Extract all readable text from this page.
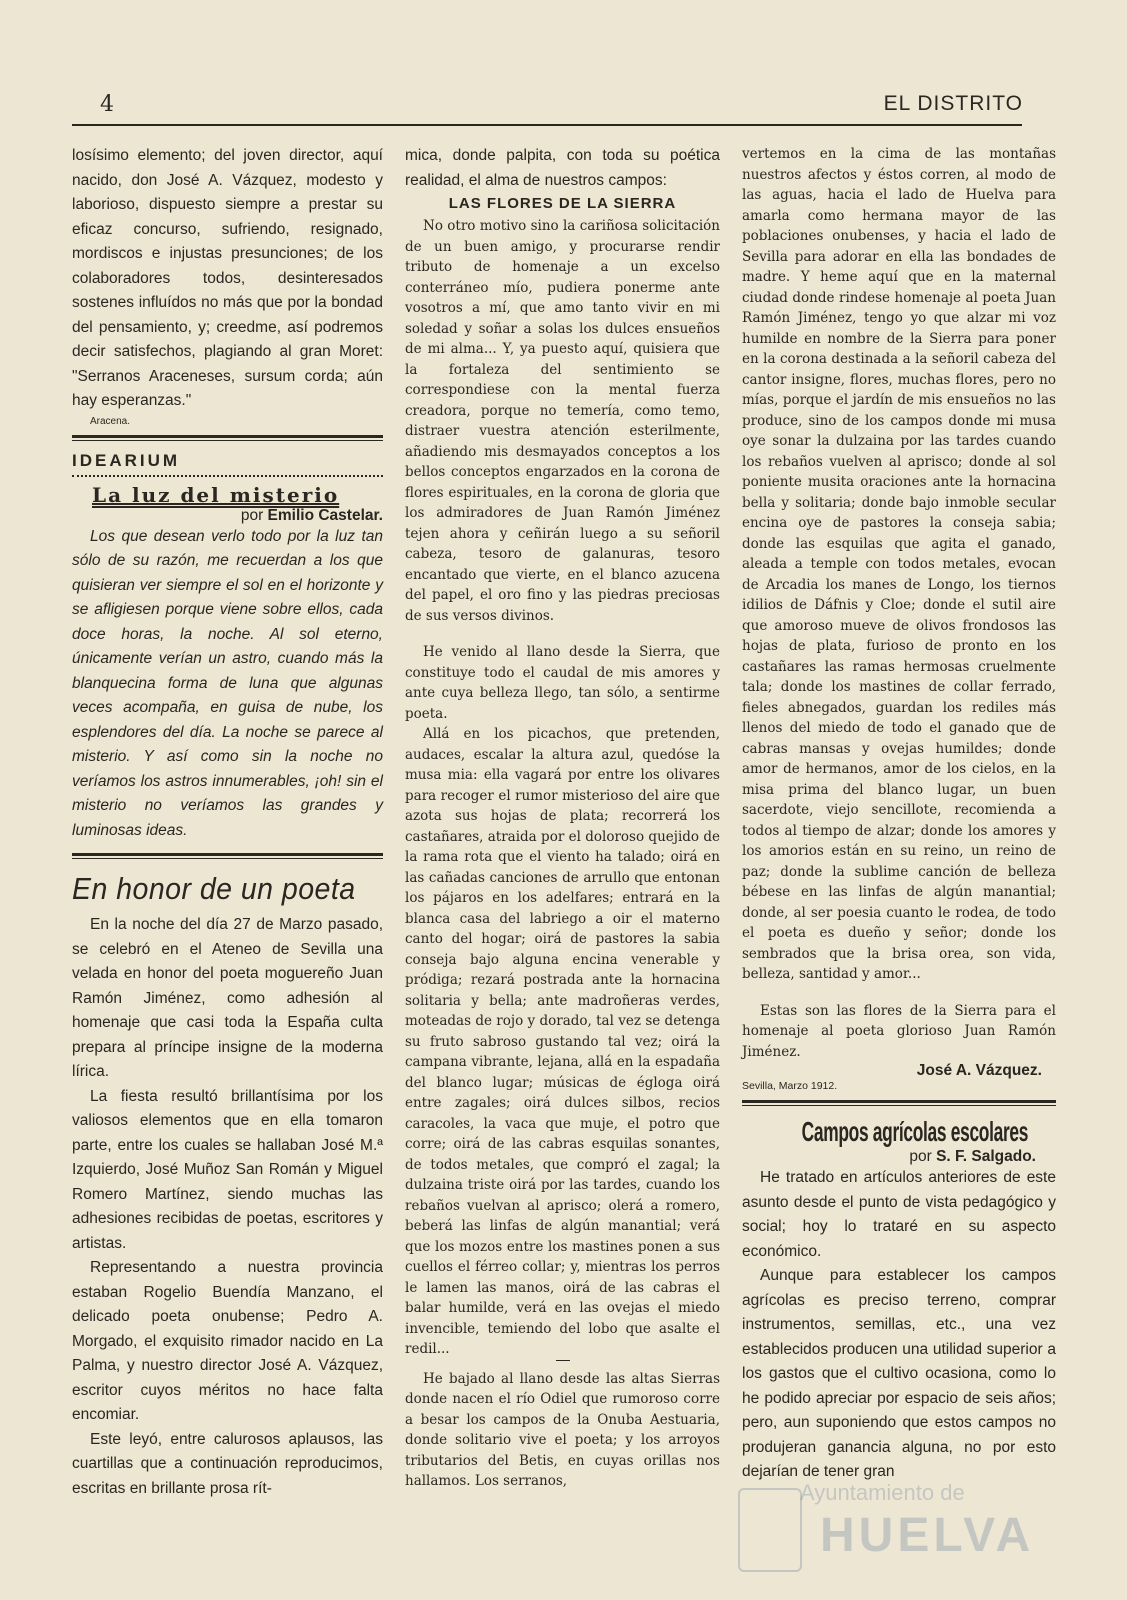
4	EL DISTRITO

losísimo elemento; del joven director, aquí nacido, don José A. Vázquez, modesto y laborioso, dispuesto siempre a prestar su eficaz concurso, sufriendo, resignado, mordiscos e injustas presunciones; de los colaboradores todos, desinteresados sostenes influídos no más que por la bondad del pensamiento, y; creedme, así podremos decir satisfechos, plagiando al gran Moret: "Serranos Araceneses, sursum corda; aún hay esperanzas."

Aracena.
IDEARIUM
La luz del misterio
por Emilio Castelar.

Los que desean verlo todo por la luz tan sólo de su razón, me recuerdan a los que quisieran ver siempre el sol en el horizonte y se afligiesen porque viene sobre ellos, cada doce horas, la noche. Al sol eterno, únicamente verían un astro, cuando más la blanquecina forma de luna que algunas veces acompaña, en guisa de nube, los esplendores del día. La noche se parece al misterio. Y así como sin la noche no veríamos los astros innumerables, ¡oh! sin el misterio no veríamos las grandes y luminosas ideas.

En honor de un poeta

En la noche del día 27 de Marzo pasado, se celebró en el Ateneo de Sevilla una velada en honor del poeta moguereño Juan Ramón Jiménez, como adhesión al homenaje que casi toda la España culta prepara al príncipe insigne de la moderna lírica.

La fiesta resultó brillantísima por los valiosos elementos que en ella tomaron parte, entre los cuales se hallaban José M.ª Izquierdo, José Muñoz San Román y Miguel Romero Martínez, siendo muchas las adhesiones recibidas de poetas, escritores y artistas.

Representando a nuestra provincia estaban Rogelio Buendía Manzano, el delicado poeta onubense; Pedro A. Morgado, el exquisito rimador nacido en La Palma, y nuestro director José A. Vázquez, escritor cuyos méritos no hace falta encomiar.

Este leyó, entre calurosos aplausos, las cuartillas que a continuación reproducimos, escritas en brillante prosa rít-

mica, donde palpita, con toda su poética realidad, el alma de nuestros campos:

LAS FLORES DE LA SIERRA

No otro motivo sino la cariñosa solicitación de un buen amigo, y procurarse rendir tributo de homenaje a un excelso conterráneo mío, pudiera ponerme ante vosotros a mí, que amo tanto vivir en mi soledad y soñar a solas los dulces ensueños de mi alma... Y, ya puesto aquí, quisiera que la fortaleza del sentimiento se correspondiese con la mental fuerza creadora, porque no temería, como temo, distraer vuestra atención esterilmente, añadiendo mis desmayados conceptos a los bellos conceptos engarzados en la corona de flores espirituales, en la corona de gloria que los admiradores de Juan Ramón Jiménez tejen ahora y ceñirán luego a su señoril cabeza, tesoro de galanuras, tesoro encantado que vierte, en el blanco azucena del papel, el oro fino y las piedras preciosas de sus versos divinos.

He venido al llano desde la Sierra, que constituye todo el caudal de mis amores y ante cuya belleza llego, tan sólo, a sentirme poeta.

Allá en los picachos, que pretenden, audaces, escalar la altura azul, quedóse la musa mia: ella vagará por entre los olivares para recoger el rumor misterioso del aire que azota sus hojas de plata; recorrerá los castañares, atraida por el doloroso quejido de la rama rota que el viento ha talado; oirá en las cañadas canciones de arrullo que entonan los pájaros en los adelfares; entrará en la blanca casa del labriego a oir el materno canto del hogar; oirá de pastores la sabia conseja bajo alguna encina venerable y pródiga; rezará postrada ante la hornacina solitaria y bella; ante madroñeras verdes, moteadas de rojo y dorado, tal vez se detenga su fruto sabroso gustando tal vez; oirá la campana vibrante, lejana, allá en la espadaña del blanco lugar; músicas de égloga oirá entre zagales; oirá dulces silbos, recios caracoles, la vaca que muje, el potro que corre; oirá de las cabras esquilas sonantes, de todos metales, que compró el zagal; la dulzaina triste oirá por las tardes, cuando los rebaños vuelvan al aprisco; olerá a romero, beberá las linfas de algún manantial; verá que los mozos entre los mastines ponen a sus cuellos el férreo collar; y, mientras los perros le lamen las manos, oirá de las cabras el balar humilde, verá en las ovejas el miedo invencible, temiendo del lobo que asalte el redil...

He bajado al llano desde las altas Sierras donde nacen el río Odiel que rumoroso corre a besar los campos de la Onuba Aestuaria, donde solitario vive el poeta; y los arroyos tributarios del Betis, en cuyas orillas nos hallamos. Los serranos,

vertemos en la cima de las montañas nuestros afectos y éstos corren, al modo de las aguas, hacia el lado de Huelva para amarla como hermana mayor de las poblaciones onubenses, y hacia el lado de Sevilla para adorar en ella las bondades de madre. Y heme aquí que en la maternal ciudad donde rindese homenaje al poeta Juan Ramón Jiménez, tengo yo que alzar mi voz humilde en nombre de la Sierra para poner en la corona destinada a la señoril cabeza del cantor insigne, flores, muchas flores, pero no mías, porque el jardín de mis ensueños no las produce, sino de los campos donde mi musa oye sonar la dulzaina por las tardes cuando los rebaños vuelven al aprisco; donde al sol poniente musita oraciones ante la hornacina bella y solitaria; donde bajo inmoble secular encina oye de pastores la conseja sabia; donde las esquilas que agita el ganado, aleada a temple con todos metales, evocan de Arcadia los manes de Longo, los tiernos idilios de Dáfnis y Cloe; donde el sutil aire que amoroso mueve de olivos frondosos las hojas de plata, furioso de pronto en los castañares las ramas hermosas cruelmente tala; donde los mastines de collar ferrado, fieles abnegados, guardan los rediles más llenos del miedo de todo el ganado que de cabras mansas y ovejas humildes; donde amor de hermanos, amor de los cielos, en la misa prima del blanco lugar, un buen sacerdote, viejo sencillote, recomienda a todos al tiempo de alzar; donde los amores y los amorios están en su reino, un reino de paz; donde la sublime canción de belleza bébese en las linfas de algún manantial; donde, al ser poesia cuanto le rodea, de todo el poeta es dueño y señor; donde los sembrados que la brisa orea, son vida, belleza, santidad y amor...

Estas son las flores de la Sierra para el homenaje al poeta glorioso Juan Ramón Jiménez.

José A. Vázquez.
Sevilla, Marzo 1912.
Campos agrícolas escolares
por S. F. Salgado.

He tratado en artículos anteriores de este asunto desde el punto de vista pedagógico y social; hoy lo trataré en su aspecto económico.

Aunque para establecer los campos agrícolas es preciso terreno, comprar instrumentos, semillas, etc., una vez establecidos producen una utilidad superior a los gastos que el cultivo ocasiona, como lo he podido apreciar por espacio de seis años; pero, aun suponiendo que estos campos no produjeran ganancia alguna, no por esto dejarían de tener gran

Ayuntamiento de
HUELVA
